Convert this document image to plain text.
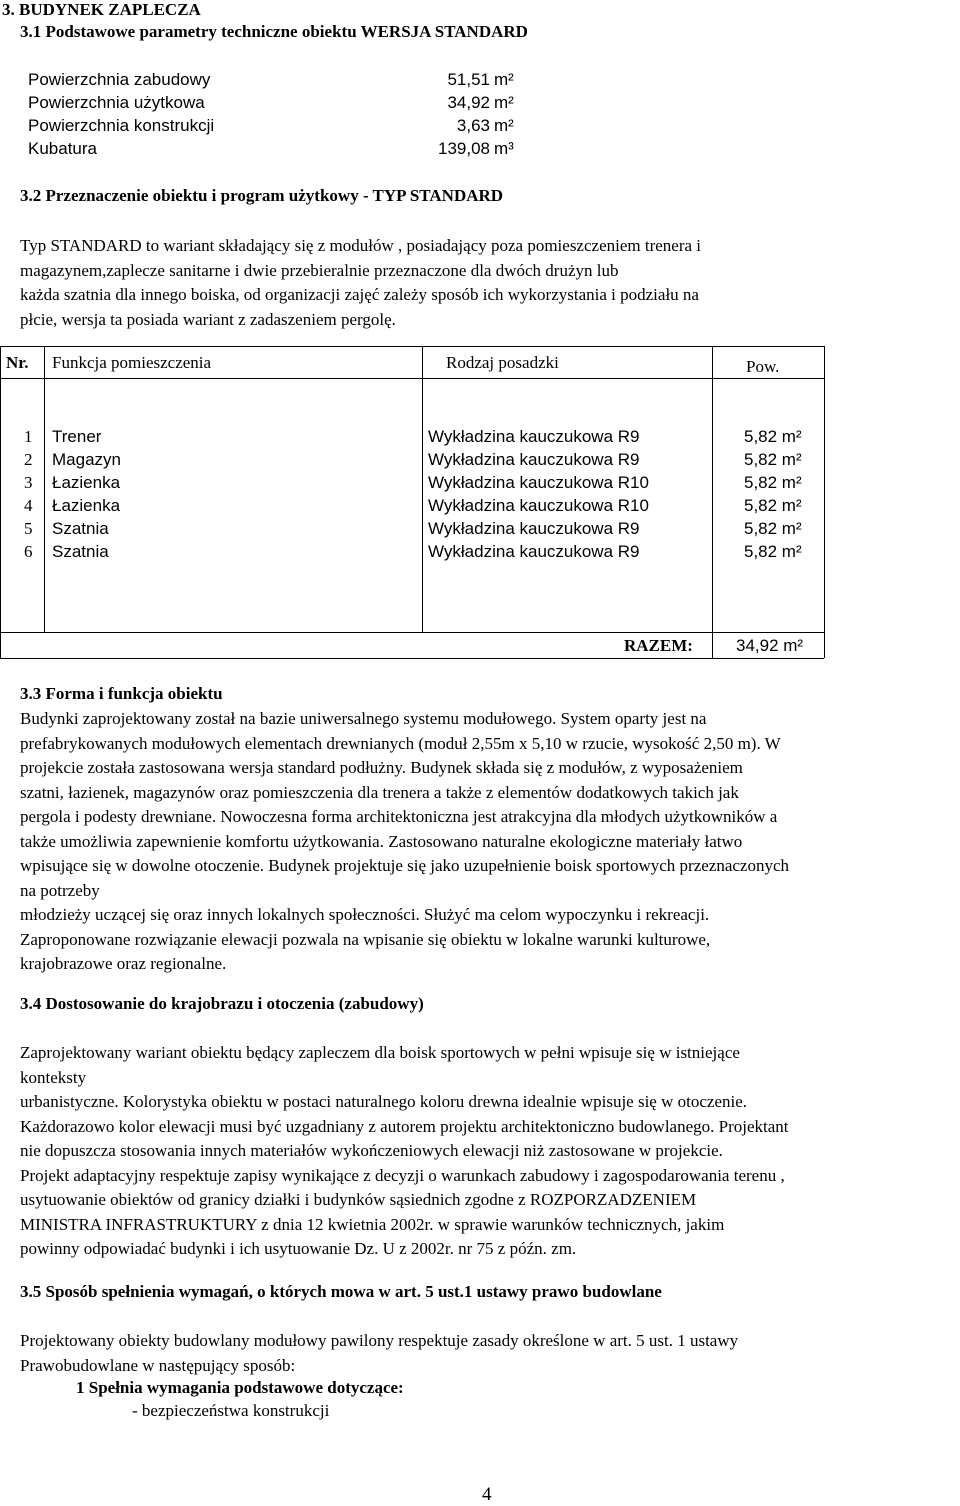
3. BUDYNEK ZAPLECZA
3.1 Podstawowe parametry techniczne obiektu WERSJA STANDARD
Powierzchnia zabudowy	51,51 m²
Powierzchnia użytkowa	34,92 m²
Powierzchnia konstrukcji	3,63 m²
Kubatura	139,08 m³
3.2 Przeznaczenie obiektu i program użytkowy - TYP STANDARD
Typ STANDARD to wariant składający się z modułów , posiadający poza pomieszczeniem trenera i
magazynem,zaplecze sanitarne i dwie przebieralnie przeznaczone dla dwóch drużyn lub
każda szatnia dla innego boiska, od organizacji zajęć zależy sposób ich wykorzystania i podziału na
płcie, wersja ta posiada wariant z zadaszeniem pergolę.
Nr. Funkcja pomieszczenia	Rodzaj posadzki	Pow.
1 Trener	Wykładzina kauczukowa R9	5,82 m²
2 Magazyn	Wykładzina kauczukowa R9	5,82 m²
3 Łazienka	Wykładzina kauczukowa R10	5,82 m²
4 Łazienka	Wykładzina kauczukowa R10	5,82 m²
5 Szatnia	Wykładzina kauczukowa R9	5,82 m²
6 Szatnia	Wykładzina kauczukowa R9	5,82 m²
RAZEM:	34,92 m²
3.3 Forma i funkcja obiektu
Budynki zaprojektowany został na bazie uniwersalnego systemu modułowego. System oparty jest na
prefabrykowanych modułowych elementach drewnianych (moduł 2,55m x 5,10 w rzucie, wysokość 2,50 m). W
projekcie została zastosowana wersja standard podłużny. Budynek składa się z modułów, z wyposażeniem
szatni, łazienek, magazynów oraz pomieszczenia dla trenera a także z elementów dodatkowych takich jak
pergola i podesty drewniane. Nowoczesna forma architektoniczna jest atrakcyjna dla młodych użytkowników a
także umożliwia zapewnienie komfortu użytkowania. Zastosowano naturalne ekologiczne materiały łatwo
wpisujące się w dowolne otoczenie. Budynek projektuje się jako uzupełnienie boisk sportowych przeznaczonych
na potrzeby
młodzieży uczącej się oraz innych lokalnych społeczności. Służyć ma celom wypoczynku i rekreacji.
Zaproponowane rozwiązanie elewacji pozwala na wpisanie się obiektu w lokalne warunki kulturowe,
krajobrazowe oraz regionalne.
3.4 Dostosowanie do krajobrazu i otoczenia (zabudowy)
Zaprojektowany wariant obiektu będący zapleczem dla boisk sportowych w pełni wpisuje się w istniejące
konteksty
urbanistyczne. Kolorystyka obiektu w postaci naturalnego koloru drewna idealnie wpisuje się w otoczenie.
Każdorazowo kolor elewacji musi być uzgadniany z autorem projektu architektoniczno budowlanego. Projektant
nie dopuszcza stosowania innych materiałów wykończeniowych elewacji niż zastosowane w projekcie.
Projekt adaptacyjny respektuje zapisy wynikające z decyzji o warunkach zabudowy i zagospodarowania terenu ,
usytuowanie obiektów od granicy działki i budynków sąsiednich zgodne z ROZPORZADZENIEM
MINISTRA INFRASTRUKTURY z dnia 12 kwietnia 2002r. w sprawie warunków technicznych, jakim
powinny odpowiadać budynki i ich usytuowanie Dz. U z 2002r. nr 75 z późn. zm.
3.5 Sposób spełnienia wymagań, o których mowa w art. 5 ust.1 ustawy prawo budowlane
Projektowany obiekty budowlany modułowy pawilony respektuje zasady określone w art. 5 ust. 1 ustawy
Prawobudowlane w następujący sposób:
1 Spełnia wymagania podstawowe dotyczące:
- bezpieczeństwa konstrukcji
4
